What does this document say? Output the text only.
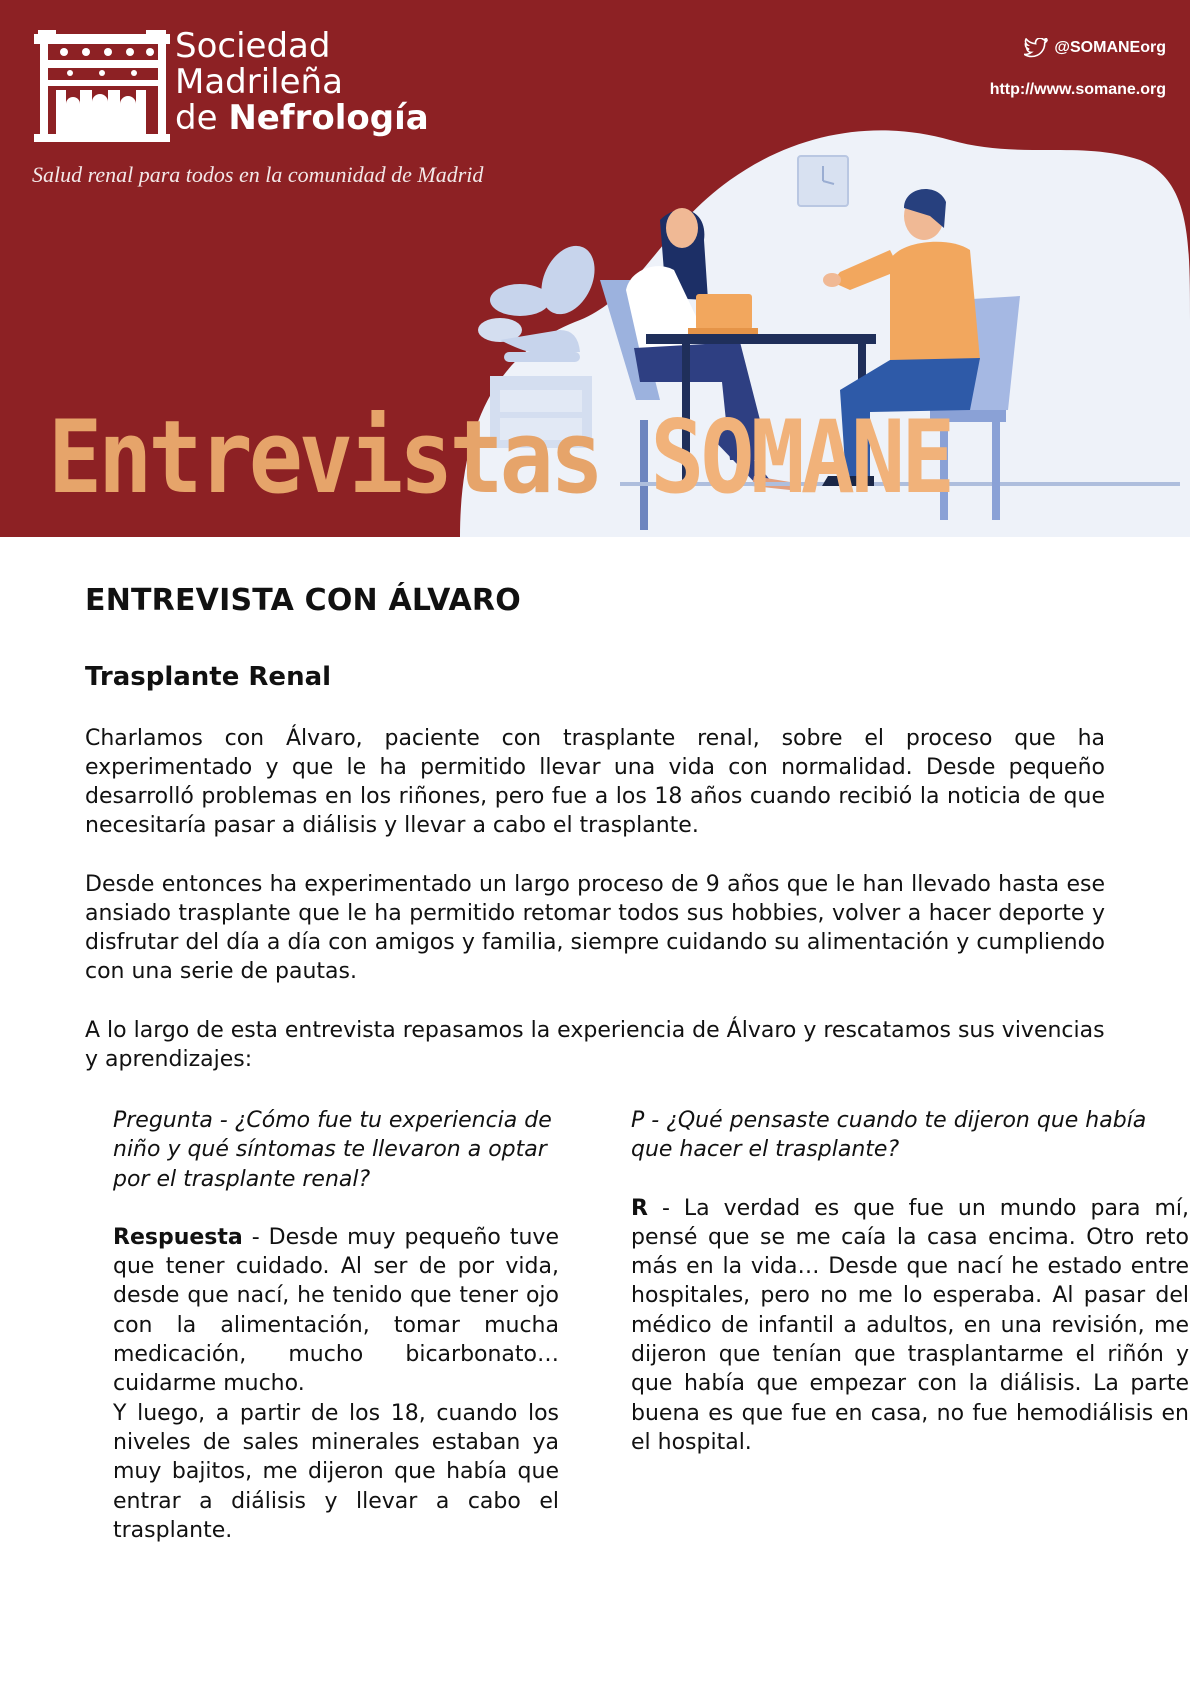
Sociedad
Madrileña
de Nefrología
Salud renal para todos en la comunidad de Madrid
@SOMANEorg
http://www.somane.org
Entrevistas SOMANE
ENTREVISTA CON ÁLVARO
Trasplante Renal

Charlamos con Álvaro, paciente con trasplante renal, sobre el proceso que ha experimentado y que le ha permitido llevar una vida con normalidad. Desde pequeño desarrolló problemas en los riñones, pero fue a los 18 años cuando recibió la noticia de que necesitaría pasar a diálisis y llevar a cabo el trasplante.

Desde entonces ha experimentado un largo proceso de 9 años que le han llevado hasta ese ansiado trasplante que le ha permitido retomar todos sus hobbies, volver a hacer deporte y disfrutar del día a día con amigos y familia, siempre cuidando su alimentación y cumpliendo con una serie de pautas.

A lo largo de esta entrevista repasamos la experiencia de Álvaro y rescatamos sus vivencias y aprendizajes:

Pregunta - ¿Cómo fue tu experiencia de niño y qué síntomas te llevaron a optar por el trasplante renal?

Respuesta - Desde muy pequeño tuve que tener cuidado. Al ser de por vida, desde que nací, he tenido que tener ojo con la alimentación, tomar mucha medicación, mucho bicarbonato… cuidarme mucho.

Y luego, a partir de los 18, cuando los niveles de sales minerales estaban ya muy bajitos, me dijeron que había que entrar a diálisis y llevar a cabo el trasplante.

P - ¿Qué pensaste cuando te dijeron que había que hacer el trasplante?

R - La verdad es que fue un mundo para mí, pensé que se me caía la casa encima. Otro reto más en la vida… Desde que nací he estado entre hospitales, pero no me lo esperaba. Al pasar del médico de infantil a adultos, en una revisión, me dijeron que tenían que trasplantarme el riñón y que había que empezar con la diálisis. La parte buena es que fue en casa, no fue hemodiálisis en el hospital.
